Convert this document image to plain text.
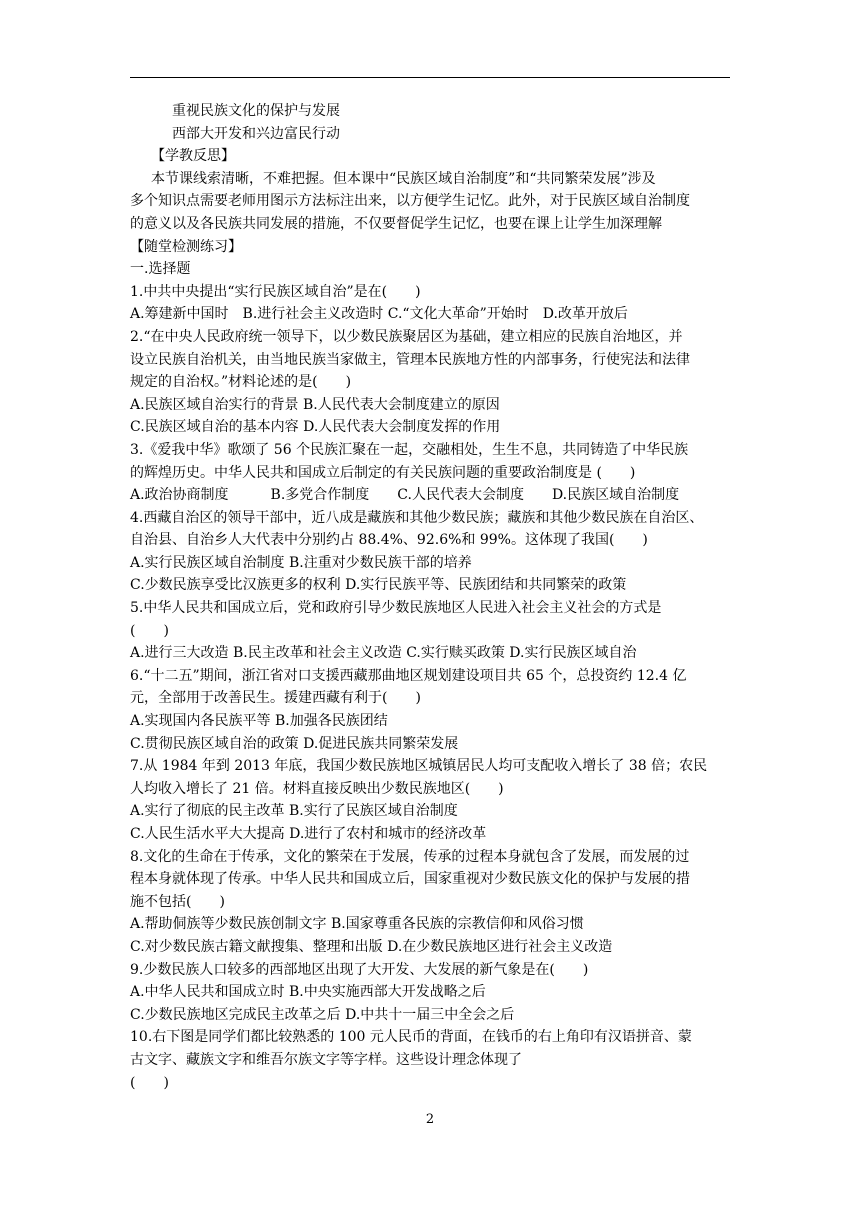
重视民族文化的保护与发展
西部大开发和兴边富民行动
【学教反思】
本节课线索清晰，不难把握。但本课中“民族区域自治制度”和“共同繁荣发展”涉及
多个知识点需要老师用图示方法标注出来，以方便学生记忆。此外，对于民族区域自治制度
的意义以及各民族共同发展的措施，不仅要督促学生记忆，也要在课上让学生加深理解
【随堂检测练习】
一.选择题
1.中共中央提出“实行民族区域自治”是在(　　)
A.筹建新中国时　B.进行社会主义改造时 C.“文化大革命”开始时　D.改革开放后
2.“在中央人民政府统一领导下，以少数民族聚居区为基础，建立相应的民族自治地区，并
设立民族自治机关，由当地民族当家做主，管理本民族地方性的内部事务，行使宪法和法律
规定的自治权。”材料论述的是(　　)
A.民族区域自治实行的背景 B.人民代表大会制度建立的原因
C.民族区域自治的基本内容 D.人民代表大会制度发挥的作用
3.《爱我中华》歌颂了 56 个民族汇聚在一起，交融相处，生生不息，共同铸造了中华民族
的辉煌历史。中华人民共和国成立后制定的有关民族问题的重要政治制度是 (　　)
A.政治协商制度　　　B.多党合作制度　　C.人民代表大会制度　　D.民族区域自治制度
4.西藏自治区的领导干部中，近八成是藏族和其他少数民族；藏族和其他少数民族在自治区、
自治县、自治乡人大代表中分别约占 88.4%、92.6%和 99%。这体现了我国(　　)
A.实行民族区域自治制度 B.注重对少数民族干部的培养
C.少数民族享受比汉族更多的权利 D.实行民族平等、民族团结和共同繁荣的政策
5.中华人民共和国成立后，党和政府引导少数民族地区人民进入社会主义社会的方式是
(　　)
A.进行三大改造 B.民主改革和社会主义改造 C.实行赎买政策 D.实行民族区域自治
6.“十二五”期间，浙江省对口支援西藏那曲地区规划建设项目共 65 个，总投资约 12.4 亿
元，全部用于改善民生。援建西藏有利于(　　)
A.实现国内各民族平等 B.加强各民族团结
C.贯彻民族区域自治的政策 D.促进民族共同繁荣发展
7.从 1984 年到 2013 年底，我国少数民族地区城镇居民人均可支配收入增长了 38 倍；农民
人均收入增长了 21 倍。材料直接反映出少数民族地区(　　)
A.实行了彻底的民主改革 B.实行了民族区域自治制度
C.人民生活水平大大提高 D.进行了农村和城市的经济改革
8.文化的生命在于传承，文化的繁荣在于发展，传承的过程本身就包含了发展，而发展的过
程本身就体现了传承。中华人民共和国成立后，国家重视对少数民族文化的保护与发展的措
施不包括(　　)
A.帮助侗族等少数民族创制文字 B.国家尊重各民族的宗教信仰和风俗习惯
C.对少数民族古籍文献搜集、整理和出版 D.在少数民族地区进行社会主义改造
9.少数民族人口较多的西部地区出现了大开发、大发展的新气象是在(　　)
A.中华人民共和国成立时 B.中央实施西部大开发战略之后
C.少数民族地区完成民主改革之后 D.中共十一届三中全会之后
10.右下图是同学们都比较熟悉的 100 元人民币的背面，在钱币的右上角印有汉语拼音、蒙
古文字、藏族文字和维吾尔族文字等字样。这些设计理念体现了
(　　)
2
